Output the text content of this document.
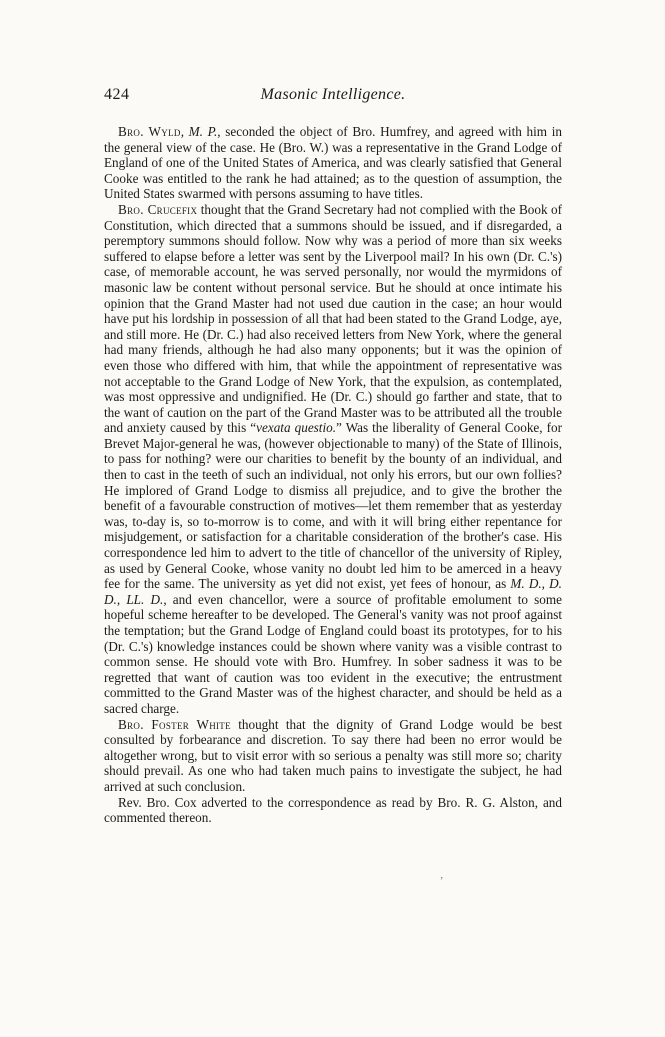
424	Masonic Intelligence.

Bro. Wyld, M. P., seconded the object of Bro. Humfrey, and agreed with him in the general view of the case. He (Bro. W.) was a representative in the Grand Lodge of England of one of the United States of America, and was clearly satisfied that General Cooke was entitled to the rank he had attained; as to the question of assumption, the United States swarmed with persons assuming to have titles.

Bro. Crucefix thought that the Grand Secretary had not complied with the Book of Constitution, which directed that a summons should be issued, and if disregarded, a peremptory summons should follow. Now why was a period of more than six weeks suffered to elapse before a letter was sent by the Liverpool mail? In his own (Dr. C.'s) case, of memorable account, he was served personally, nor would the myrmidons of masonic law be content without personal service. But he should at once intimate his opinion that the Grand Master had not used due caution in the case; an hour would have put his lordship in possession of all that had been stated to the Grand Lodge, aye, and still more. He (Dr. C.) had also received letters from New York, where the general had many friends, although he had also many opponents; but it was the opinion of even those who differed with him, that while the appointment of representative was not acceptable to the Grand Lodge of New York, that the expulsion, as contemplated, was most oppressive and undignified. He (Dr. C.) should go farther and state, that to the want of caution on the part of the Grand Master was to be attributed all the trouble and anxiety caused by this “vexata questio.” Was the liberality of General Cooke, for Brevet Major-general he was, (however objectionable to many) of the State of Illinois, to pass for nothing? were our charities to benefit by the bounty of an individual, and then to cast in the teeth of such an individual, not only his errors, but our own follies? He implored of Grand Lodge to dismiss all prejudice, and to give the brother the benefit of a favourable construction of motives—let them remember that as yesterday was, to-day is, so to-morrow is to come, and with it will bring either repentance for misjudgement, or satisfaction for a charitable consideration of the brother's case. His correspondence led him to advert to the title of chancellor of the university of Ripley, as used by General Cooke, whose vanity no doubt led him to be amerced in a heavy fee for the same. The university as yet did not exist, yet fees of honour, as M. D., D. D., LL. D., and even chancellor, were a source of profitable emolument to some hopeful scheme hereafter to be developed. The General's vanity was not proof against the temptation; but the Grand Lodge of England could boast its prototypes, for to his (Dr. C.'s) knowledge instances could be shown where vanity was a visible contrast to common sense. He should vote with Bro. Humfrey. In sober sadness it was to be regretted that want of caution was too evident in the executive; the entrustment committed to the Grand Master was of the highest character, and should be held as a sacred charge.

Bro. Foster White thought that the dignity of Grand Lodge would be best consulted by forbearance and discretion. To say there had been no error would be altogether wrong, but to visit error with so serious a penalty was still more so; charity should prevail. As one who had taken much pains to investigate the subject, he had arrived at such conclusion.

Rev. Bro. Cox adverted to the correspondence as read by Bro. R. G. Alston, and commented thereon.

’
